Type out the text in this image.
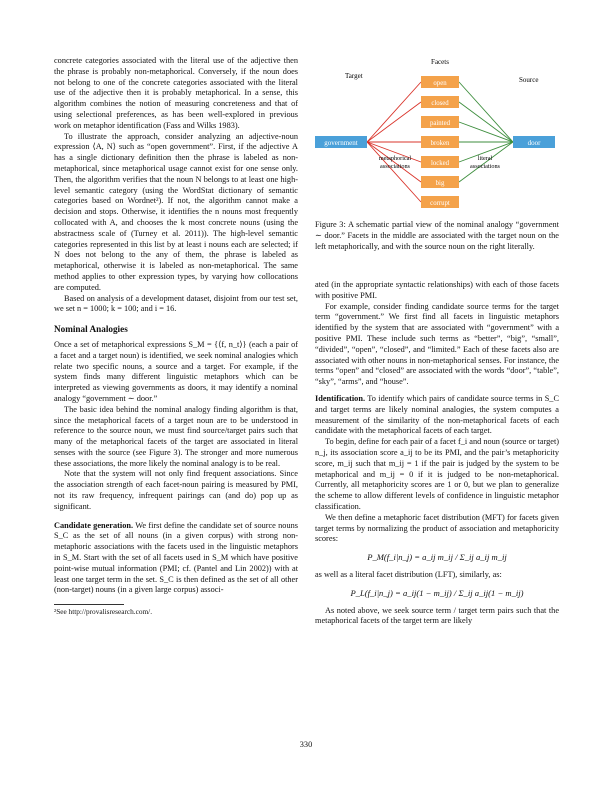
concrete categories associated with the literal use of the adjective then the phrase is probably non-metaphorical. Conversely, if the noun does not belong to one of the concrete categories associated with the literal use of the adjective then it is probably metaphorical. In a sense, this algorithm combines the notion of measuring concreteness and that of using selectional preferences, as has been well-explored in previous work on metaphor identification (Fass and Wilks 1983).

To illustrate the approach, consider analyzing an adjective-noun expression ⟨A, N⟩ such as “open government”. First, if the adjective A has a single dictionary definition then the phrase is labeled as non-metaphorical, since metaphorical usage cannot exist for one sense only. Then, the algorithm verifies that the noun N belongs to at least one high-level semantic category (using the WordStat dictionary of semantic categories based on Wordnet²). If not, the algorithm cannot make a decision and stops. Otherwise, it identifies the n nouns most frequently collocated with A, and chooses the k most concrete nouns (using the abstractness scale of (Turney et al. 2011)). The high-level semantic categories represented in this list by at least i nouns each are selected; if N does not belong to the any of them, the phrase is labeled as metaphorical, otherwise it is labeled as non-metaphorical. The same method applies to other expression types, by varying how collocations are computed.

Based on analysis of a development dataset, disjoint from our test set, we set n = 1000; k = 100; and i = 16.

Nominal Analogies

Once a set of metaphorical expressions S_M = {⟨f, n_t⟩} (each a pair of a facet and a target noun) is identified, we seek nominal analogies which relate two specific nouns, a source and a target. For example, if the system finds many different linguistic metaphors which can be interpreted as viewing governments as doors, it may identify a nominal analogy “government ∼ door.”

The basic idea behind the nominal analogy finding algorithm is that, since the metaphorical facets of a target noun are to be understood in reference to the source noun, we must find source/target pairs such that many of the metaphorical facets of the target are associated in literal senses with the source (see Figure 3). The stronger and more numerous these associations, the more likely the nominal analogy is to be real.

Note that the system will not only find frequent associations. Since the association strength of each facet-noun pairing is measured by PMI, not its raw frequency, infrequent pairings can (and do) pop up as significant.

Candidate generation. We first define the candidate set of source nouns S_C as the set of all nouns (in a given corpus) with strong non-metaphoric associations with the facets used in the linguistic metaphors in S_M. Start with the set of all facets used in S_M which have positive point-wise mutual information (PMI; cf. (Pantel and Lin 2002)) with at least one target term in the set. S_C is then defined as the set of all other (non-target) nouns (in a given large corpus) associ-

²See http://provalisresearch.com/.
Facets
Target	Source
government	door
open
closed
painted
broken
locked
big
corrupt
metaphorical
associations
literal
associations
Figure 3: A schematic partial view of the nominal analogy “government ∼ door.” Facets in the middle are associated with the target noun on the left metaphorically, and with the source noun on the right literally.

ated (in the appropriate syntactic relationships) with each of those facets with positive PMI.

For example, consider finding candidate source terms for the target term “government.” We first find all facets in linguistic metaphors identified by the system that are associated with “government” with a positive PMI. These include such terms as “better”, “big”, “small”, “divided”, “open”, “closed”, and “limited.” Each of these facets also are associated with other nouns in non-metaphorical senses. For instance, the terms “open” and “closed” are associated with the words “door”, “table”, “sky”, “arms”, and “house”.

Identification. To identify which pairs of candidate source terms in S_C and target terms are likely nominal analogies, the system computes a measurement of the similarity of the non-metaphorical facets of each candidate with the metaphorical facets of each target.

To begin, define for each pair of a facet f_i and noun (source or target) n_j, its association score a_ij to be its PMI, and the pair’s metaphoricity score, m_ij such that m_ij = 1 if the pair is judged by the system to be metaphorical and m_ij = 0 if it is judged to be non-metaphorical. Currently, all metaphoricity scores are 1 or 0, but we plan to generalize the scheme to allow different levels of confidence in linguistic metaphor classification.

We then define a metaphoric facet distribution (MFT) for facets given target terms by normalizing the product of association and metaphoricity scores:

P_M(f_i|n_j) = a_ij m_ij / Σ_ij a_ij m_ij

as well as a literal facet distribution (LFT), similarly, as:

P_L(f_i|n_j) = a_ij(1 − m_ij) / Σ_ij a_ij(1 − m_ij)

As noted above, we seek source term / target term pairs such that the metaphorical facets of the target term are likely

330
